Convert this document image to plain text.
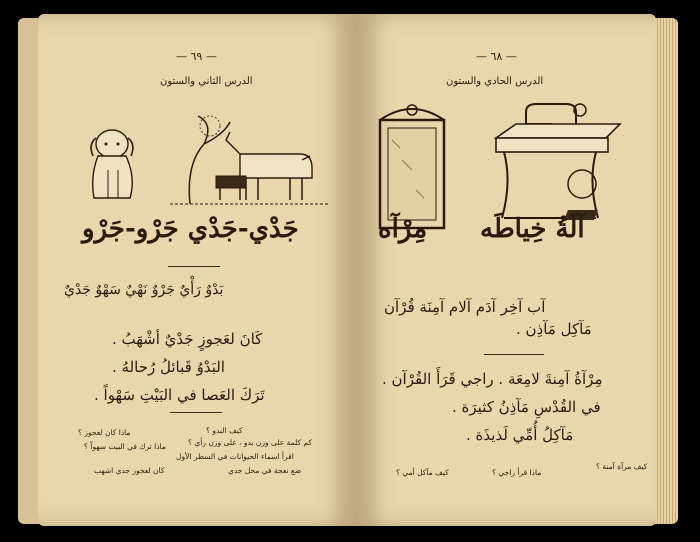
— ٦٩ —
الدرس الثاني والستون
جَدْي-جَدْي جَرْو-جَرْو
بَدْوٌ رَأْيٌ جَرْوٌ نَهْيٌ سَهْوٌ جَدْيٌ
كَانَ لعَجوزٍ جَدْيٌ أشْهَبُ .
البَدْوُ قَبائلُ رُحالهُ .
تَرَكَ العَصا في البَيْتِ سَهْواً .
كيف البدو ؟
ماذا كان لعجوز ؟
ماذا ترك في البيت سهواً ؟	كم كلمة على وزن بدو ، على وزن رأي ؟
اقرأ اسماء الحيوانات في السطر الأول
كان لعجوز جدي اشهب	ضع نعجة في محل جدي
— ٦٨ —
الدرس الحادي والستون
آلَةُ خِياطَه
مِرْآه
آب آخِر آدَم آلام آمِنَة قُرْآن
مَآكِل مَآذِن .
مِرْآةُ آمِنةَ لامِعَة . راجي قَرَأَ القُرْآن .
في القُدْسِ مَآذِنُ كثيرَة .
مَآكِلُ أُمِّي لَذيذَة .
كيف مرآة آمنة ؟
ماذا قرأ راجي ؟
كيف مآكل أمي ؟
